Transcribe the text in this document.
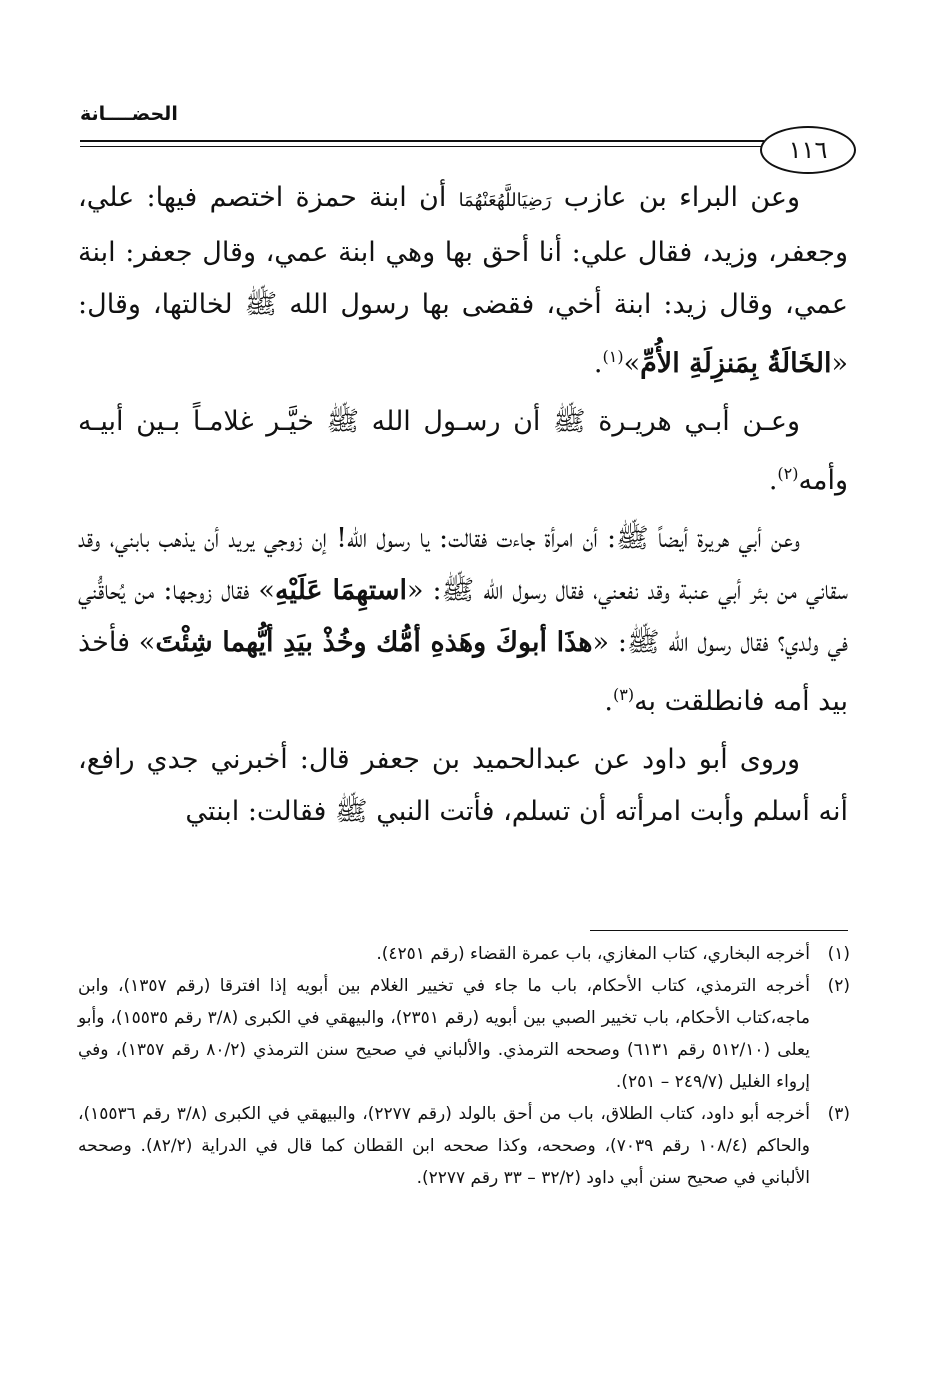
الحضــــانة
١١٦

وعن البراء بن عازب رَضِيَاللَّهُعَنْهُمَا أن ابنة حمزة اختصم فيها: علي، وجعفر، وزيد، فقال علي: أنا أحق بها وهي ابنة عمي، وقال جعفر: ابنة عمي، وقال زيد: ابنة أخي، فقضى بها رسول الله ﷺ لخالتها، وقال: «الخَالَةُ بِمَنزِلَةِ الأُمِّ»$^{(١)}$.

وعـن أبـي هريـرة ﷺ أن رسـول الله ﷺ خيَّـر غلامـاً بـين أبيـه وأمه$^{(٢)}$.

وعن أبي هريرة أيضاً ﷺ: أن امرأة جاءت فقالت: يا رسول الله! إن زوجي يريد أن يذهب بابني، وقد سقاني من بئر أبي عنبة وقد نفعني، فقال رسول الله ﷺ: «استهِمَا عَلَيْهِ» فقال زوجها: من يُحاقُّني في ولدي؟ فقال رسول الله ﷺ: «هذَا أبوكَ وهَذهِ أمُّك وخُذْ بيَدِ أيُّهما شِئْتَ» فأخذ بيد أمه فانطلقت به$^{(٣)}$.

وروى أبو داود عن عبدالحميد بن جعفر قال: أخبرني جدي رافع، أنه أسلم وأبت امرأته أن تسلم، فأتت النبي ﷺ فقالت: ابنتي

(١)
أخرجه البخاري، كتاب المغازي، باب عمرة القضاء (رقم ٤٢٥١).
(٢)
أخرجه الترمذي، كتاب الأحكام، باب ما جاء في تخيير الغلام بين أبويه إذا افترقا (رقم ١٣٥٧)، وابن ماجه،كتاب الأحكام، باب تخيير الصبي بين أبويه (رقم ٢٣٥١)، والبيهقي في الكبرى (٣/٨ رقم ١٥٥٣٥)، وأبو يعلى (٥١٢/١٠ رقم ٦١٣١) وصححه الترمذي. والألباني في صحيح سنن الترمذي (٨٠/٢ رقم ١٣٥٧)، وفي إرواء الغليل (٢٤٩/٧ – ٢٥١).
(٣)
أخرجه أبو داود، كتاب الطلاق، باب من أحق بالولد (رقم ٢٢٧٧)، والبيهقي في الكبرى (٣/٨ رقم ١٥٥٣٦)، والحاكم (١٠٨/٤ رقم ٧٠٣٩)، وصححه، وكذا صححه ابن القطان كما قال في الدراية (٨٢/٢). وصححه الألباني في صحيح سنن أبي داود (٣٢/٢ – ٣٣ رقم ٢٢٧٧).
